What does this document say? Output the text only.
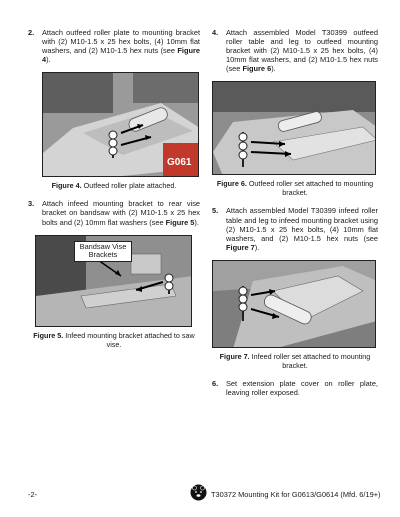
2.	Attach outfeed roller plate to mounting bracket with (2) M10-1.5 x 25 hex bolts, (4) 10mm flat washers, and (2) M10-1.5 hex nuts (see Figure 4).
G061
Figure 4. Outfeed roller plate attached.
3.	Attach infeed mounting bracket to rear vise bracket on bandsaw with (2) M10-1.5 x 25 hex bolts and (2) 10mm flat washers (see Figure 5).
Bandsaw Vise Brackets
Figure 5. Infeed mounting bracket attached to saw vise.
4.	Attach assembled Model T30399 outfeed roller table and leg to outfeed mounting bracket with (2) M10-1.5 x 25 hex bolts, (4) 10mm flat washers, and (2) M10-1.5 hex nuts (see Figure 6).
Figure 6. Outfeed roller set attached to mounting bracket.
5.	Attach assembled Model T30399 infeed roller table and leg to infeed mounting bracket using (2) M10-1.5 x 25 hex bolts, (4) 10mm flat washers, and (2) M10-1.5 hex nuts (see Figure 7).
Figure 7. Infeed roller set attached to mounting bracket.
6.	Set extension plate cover on roller plate, leaving roller exposed.
-2-	T30372 Mounting Kit for G0613/G0614 (Mfd. 6/19+)
